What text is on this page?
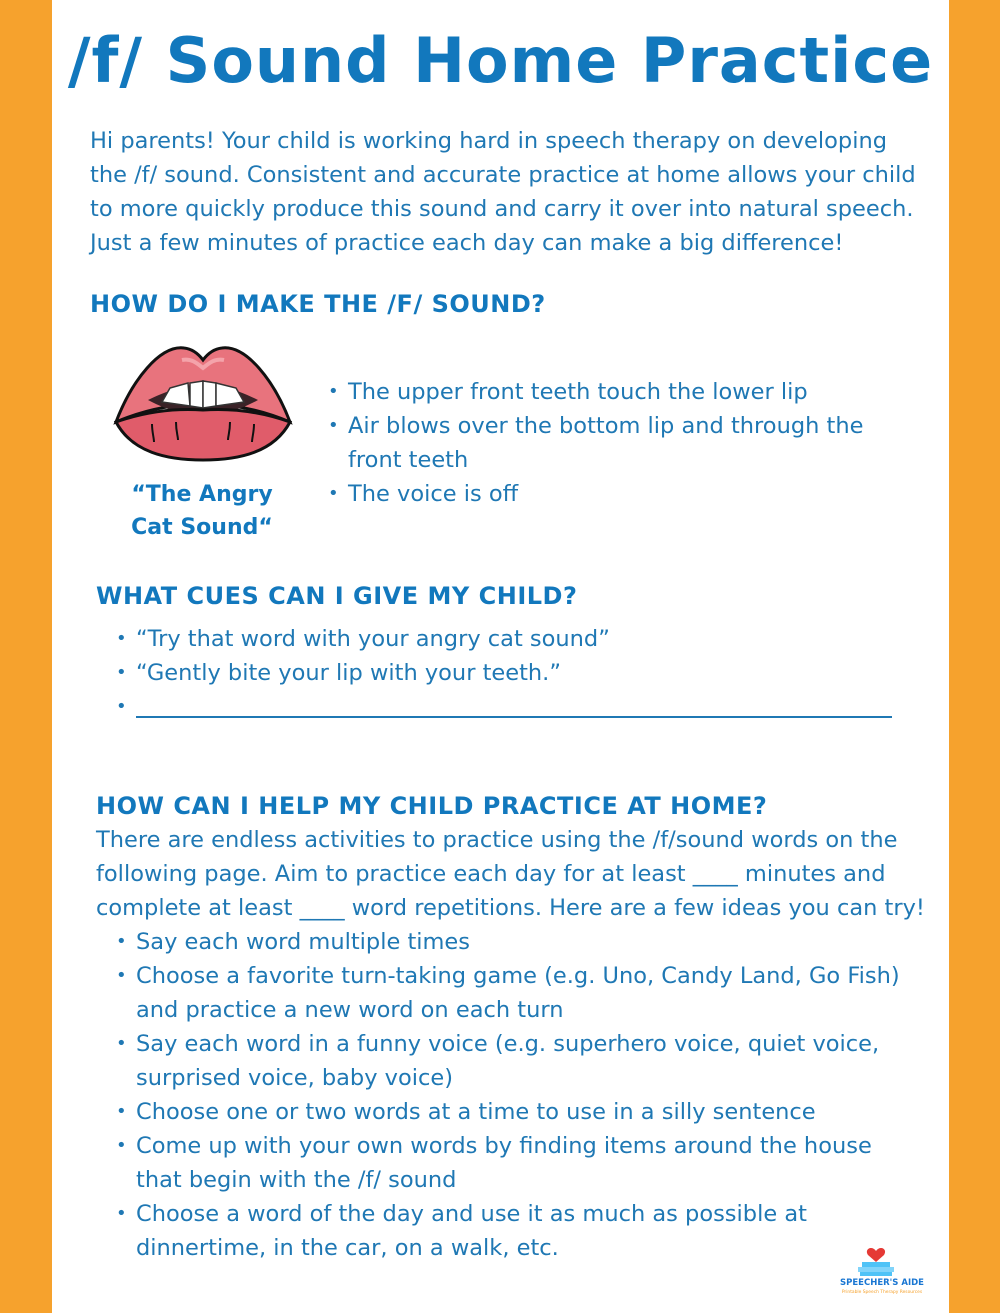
/f/ Sound Home Practice

Hi parents! Your child is working hard in speech therapy on developing the /f/ sound. Consistent and accurate practice at home allows your child to more quickly produce this sound and carry it over into natural speech. Just a few minutes of practice each day can make a big difference!

HOW DO I MAKE THE /F/ SOUND?

“The Angry Cat Sound“

• The upper front teeth touch the lower lip
• Air blows over the bottom lip and through the front teeth
• The voice is off
WHAT CUES CAN I GIVE MY CHILD?
• “Try that word with your angry cat sound”
• “Gently bite your lip with your teeth.”
•
HOW CAN I HELP MY CHILD PRACTICE AT HOME?

There are endless activities to practice using the /f/sound words on the following page. Aim to practice each day for at least ____ minutes and complete at least ____ word repetitions. Here are a few ideas you can try!

• Say each word multiple times
• Choose a favorite turn-taking game (e.g. Uno, Candy Land, Go Fish) and practice a new word on each turn
• Say each word in a funny voice (e.g. superhero voice, quiet voice, surprised voice, baby voice)
• Choose one or two words at a time to use in a silly sentence
• Come up with your own words by finding items around the house that begin with the /f/ sound
• Choose a word of the day and use it as much as possible at dinnertime, in the car, on a walk, etc.
SPEECHER'S AIDE
Printable Speech Therapy Resources
